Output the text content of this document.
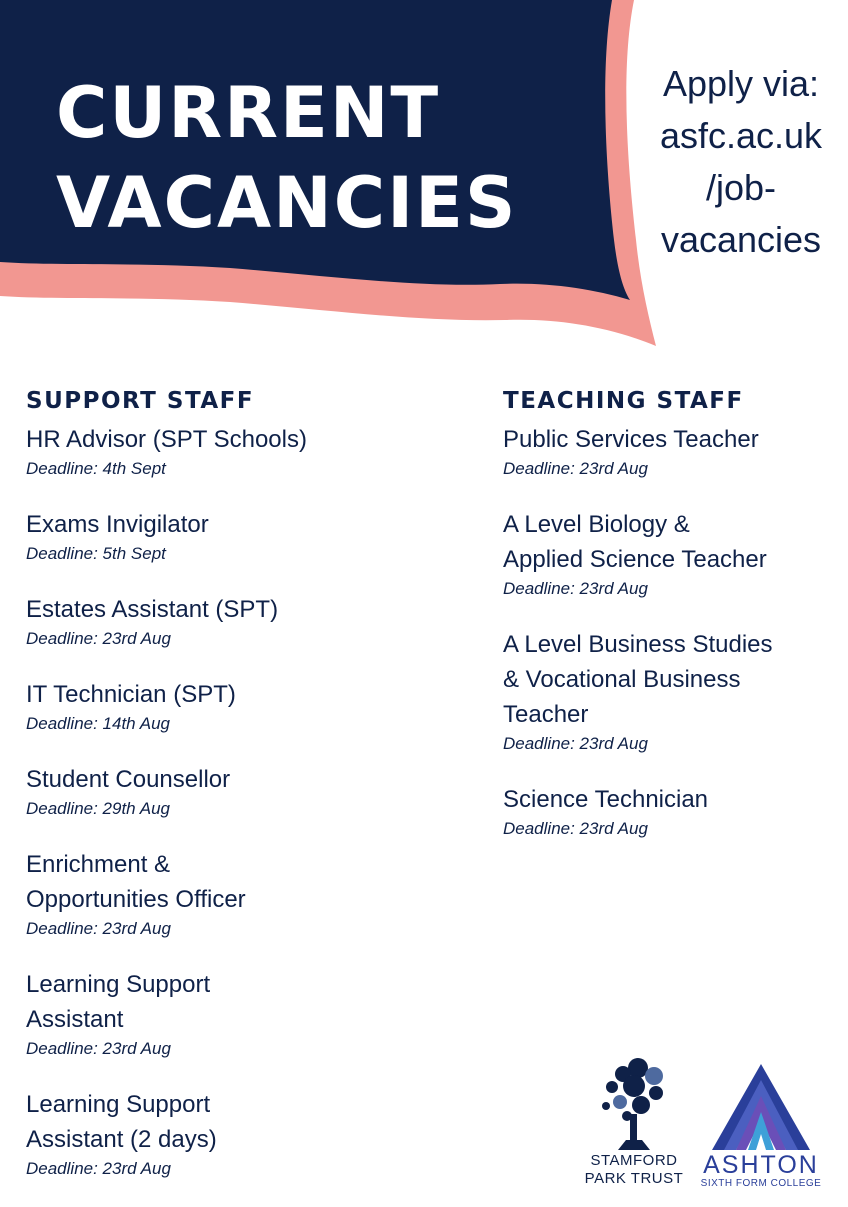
CURRENT
VACANCIES
Apply via:
asfc.ac.uk
/job-
vacancies
SUPPORT STAFF
HR Advisor (SPT Schools)
Deadline: 4th Sept
Exams Invigilator
Deadline: 5th Sept
Estates Assistant (SPT)
Deadline: 23rd Aug
IT Technician (SPT)
Deadline: 14th Aug
Student Counsellor
Deadline: 29th Aug
Enrichment &
Opportunities Officer
Deadline: 23rd Aug
Learning Support
Assistant
Deadline: 23rd Aug
Learning Support
Assistant (2 days)
Deadline: 23rd Aug
TEACHING STAFF
Public Services Teacher
Deadline: 23rd Aug
A Level Biology &
Applied Science Teacher
Deadline: 23rd Aug
A Level Business Studies
& Vocational Business
Teacher
Deadline: 23rd Aug
Science Technician
Deadline: 23rd Aug
STAMFORD
PARK TRUST ASHTON
SIXTH FORM COLLEGE
